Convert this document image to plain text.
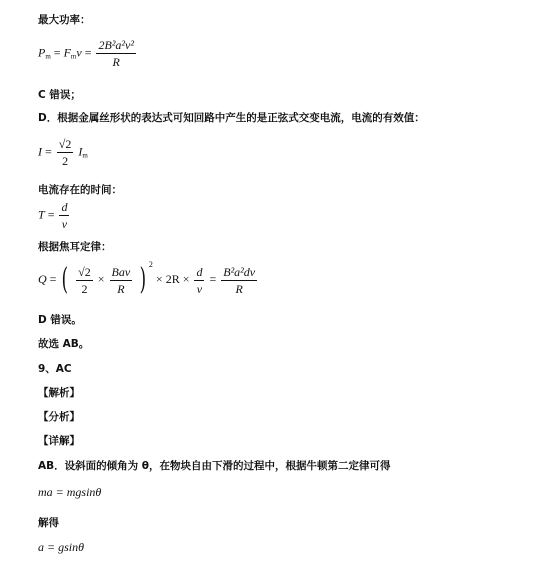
最大功率：
$P_m = F_mv = \frac{\text{2B²a²v²}}{R}$
C 错误；
D．根据金属丝形状的表达式可知回路中产生的是正弦式交变电流，电流的有效值：
$I = \frac{√2}{2} I_m$
电流存在的时间：
$T = \frac{d}{v}$
根据焦耳定律：
Q = ( $\frac{√2}{2} \times \frac{\text{Bav}}{R}$ ) $^2 \times 2R \times \frac{d}{v} = \frac{\text{B²a²dv}}{R}$
D 错误。
故选 AB。
9、AC
【解析】
【分析】
【详解】
AB．设斜面的倾角为 θ，在物块自由下滑的过程中，根据牛顿第二定律可得
ma = mgsinθ
解得
a = gsinθ
